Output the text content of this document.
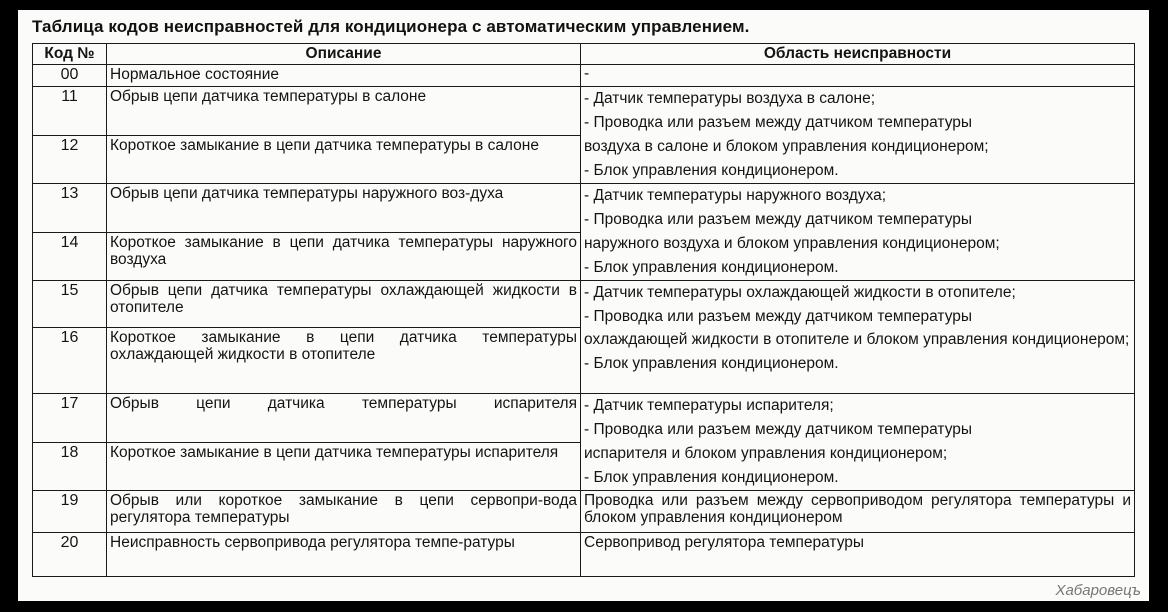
Таблица кодов неисправностей для кондиционера с автоматическим управлением.
Код №	Описание	Область неисправности
00	Нормальное состояние	-

11	Обрыв цепи датчика температуры в салоне	- Датчик температуры воздуха в салоне;
- Проводка или разъем между датчиком температуры
воздуха в салоне и блоком управления кондиционером;
- Блок управления кондиционером.

12	Короткое замыкание в цепи датчика температуры в салоне	
13	Обрыв цепи датчика температуры наружного воз-духа	- Датчик температуры наружного воздуха;
- Проводка или разъем между датчиком температуры
наружного воздуха и блоком управления кондиционером;
- Блок управления кондиционером.

14	Короткое замыкание в цепи датчика температуры наружного воздуха	
15	Обрыв цепи датчика температуры охлаждающей жидкости в отопителе	- Датчик температуры охлаждающей жидкости в отопителе;
- Проводка или разъем между датчиком температуры
охлаждающей жидкости в отопителе и блоком управления кондиционером;
- Блок управления кондиционером.

16	Короткое замыкание в цепи датчика температуры охлаждающей жидкости в отопителе	
17	Обрыв цепи датчика температуры испарителя	- Датчик температуры испарителя;
- Проводка или разъем между датчиком температуры
испарителя и блоком управления кондиционером;
- Блок управления кондиционером.

18	Короткое замыкание в цепи датчика температуры испарителя	
19	Обрыв или короткое замыкание в цепи сервопри-вода регулятора температуры	Проводка или разъем между сервоприводом регулятора температуры и блоком управления кондиционером

20	Неисправность сервопривода регулятора темпе-ратуры	Сервопривод регулятора температуры
Хабаровецъ
